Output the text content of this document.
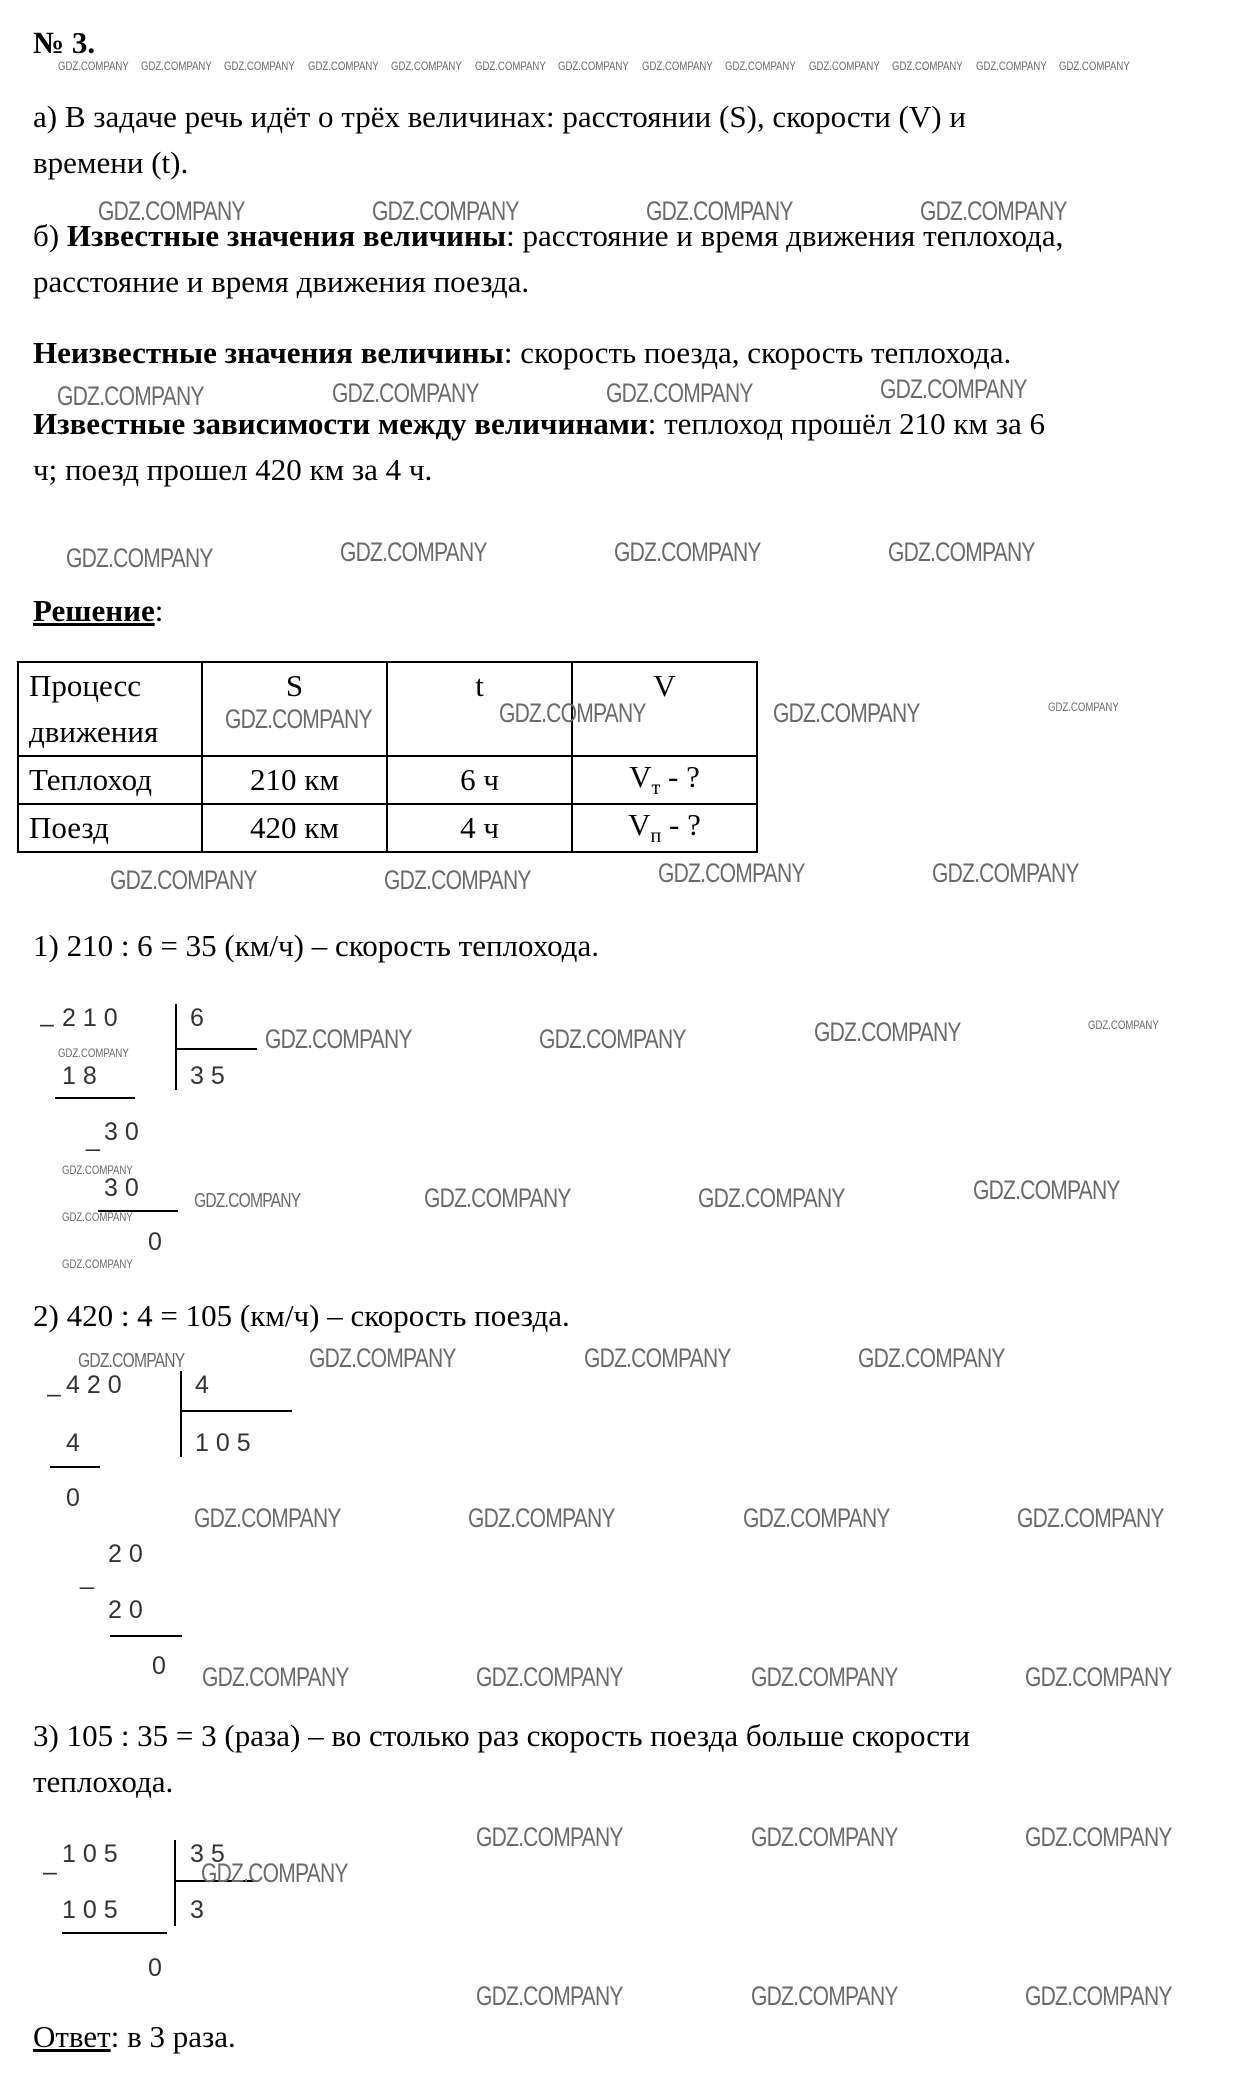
№ 3.
а) В задаче речь идёт о трёх величинах: расстоянии (S), скорости (V) и
времени (t).
б) Известные значения величины: расстояние и время движения теплохода,
расстояние и время движения поезда.
Неизвестные значения величины: скорость поезда, скорость теплохода.
Известные зависимости между величинами: теплоход прошёл 210 км за 6
ч; поезд прошел 420 км за 4 ч.
Решение:
Процесс
движения	S	t	V
Теплоход	210 км	6 ч	$V_т$ - ?
Поезд	420 км	4 ч	$V_п$ - ?
1) 210 : 6 = 35 (км/ч) – скорость теплохода.
– 2 1 0	6
1 8	3 5
_ 3 0
3 0
0
2) 420 : 4 = 105 (км/ч) – скорость поезда.
– 4 2 0	4
4	1 0 5
0
2 0
_
2 0
0
3) 105 : 35 = 3 (раза) – во столько раз скорость поезда больше скорости
теплохода.
–
1 0 5	3 5
1 0 5	3
0
Ответ: в 3 раза.
GDZ.COMPANY GDZ.COMPANY GDZ.COMPANY GDZ.COMPANY GDZ.COMPANY GDZ.COMPANY GDZ.COMPANY GDZ.COMPANY GDZ.COMPANY GDZ.COMPANY GDZ.COMPANY GDZ.COMPANY GDZ.COMPANY
GDZ.COMPANY	GDZ.COMPANY	GDZ.COMPANY	GDZ.COMPANY
GDZ.COMPANY	GDZ.COMPANY	GDZ.COMPANY	GDZ.COMPANY
GDZ.COMPANY	GDZ.COMPANY	GDZ.COMPANY	GDZ.COMPANY
GDZ.COMPANY	GDZ.COMPANY	GDZ.COMPANY	GDZ.COMPANY
GDZ.COMPANY	GDZ.COMPANY	GDZ.COMPANY	GDZ.COMPANY
GDZ.COMPANY	GDZ.COMPANY	GDZ.COMPANY	GDZ.COMPANY	GDZ.COMPANY
GDZ.COMPANY
GDZ.COMPANY
GDZ.COMPANY
GDZ.COMPANY	GDZ.COMPANY	GDZ.COMPANY	GDZ.COMPANY
GDZ.COMPANY	GDZ.COMPANY	GDZ.COMPANY	GDZ.COMPANY
GDZ.COMPANY	GDZ.COMPANY	GDZ.COMPANY	GDZ.COMPANY
GDZ.COMPANY	GDZ.COMPANY	GDZ.COMPANY	GDZ.COMPANY
GDZ.COMPANY	GDZ.COMPANY	GDZ.COMPANY
GDZ.COMPANY
GDZ.COMPANY	GDZ.COMPANY	GDZ.COMPANY
